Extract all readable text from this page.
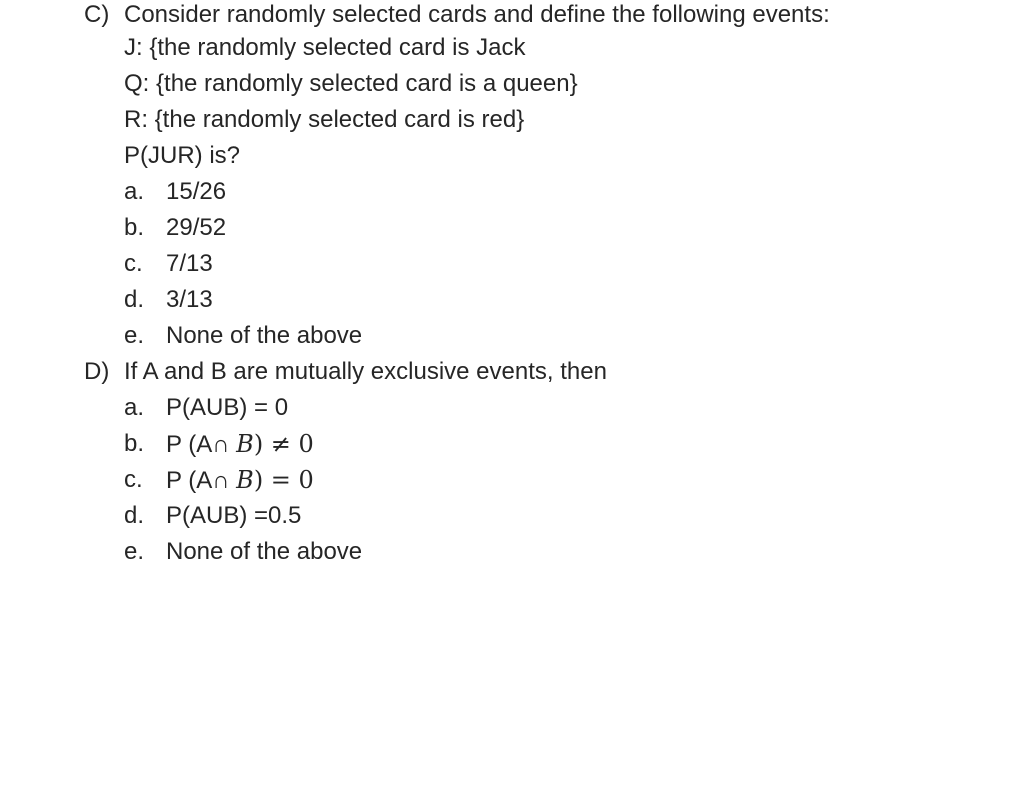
C) Consider randomly selected cards and define the following events:
J: {the randomly selected card is Jack
Q: {the randomly selected card is a queen}
R: {the randomly selected card is red}
P(JUR) is?
a. 15/26
b. 29/52
c. 7/13
d. 3/13
e. None of the above
D) If A and B are mutually exclusive events, then
a. P(AUB) = 0
b. P (A∩ B) ≠ 0
c. P (A∩ B) = 0
d. P(AUB) =0.5
e. None of the above
